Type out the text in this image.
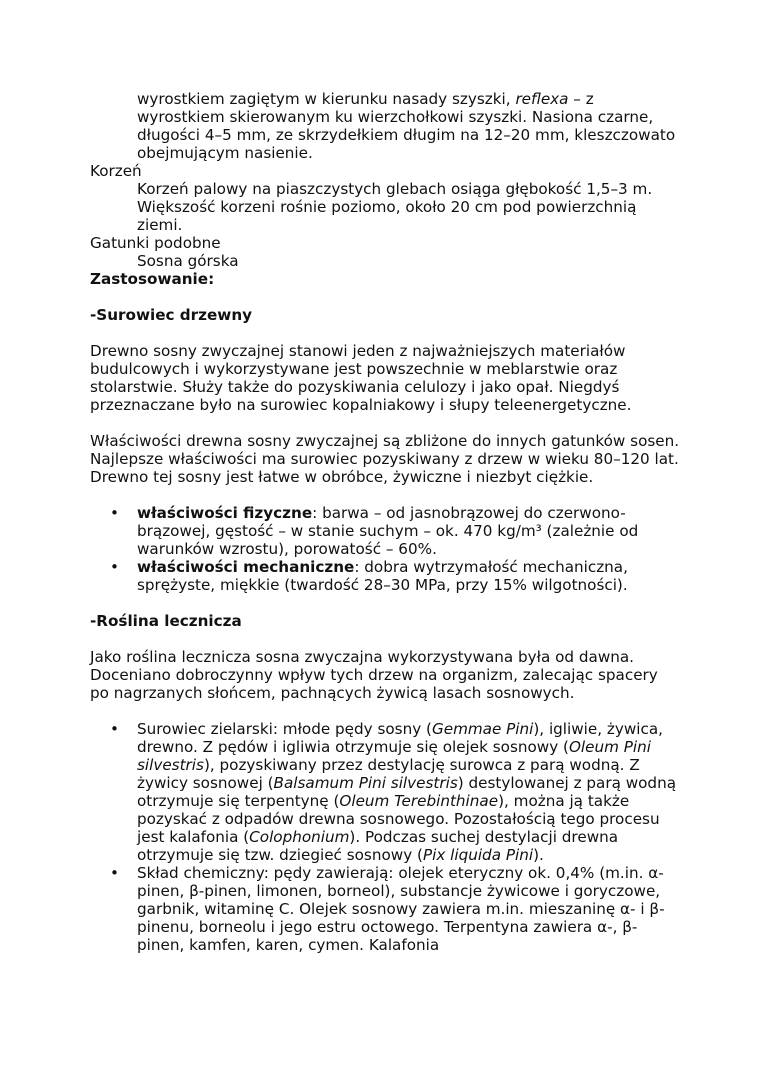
wyrostkiem zagiętym w kierunku nasady szyszki, reflexa – z wyrostkiem skierowanym ku wierzchołkowi szyszki. Nasiona czarne, długości 4–5 mm, ze skrzydełkiem długim na 12–20 mm, kleszczowato obejmującym nasienie.

Korzeń

Korzeń palowy na piaszczystych glebach osiąga głębokość 1,5–3 m. Większość korzeni rośnie poziomo, około 20 cm pod powierzchnią ziemi.

Gatunki podobne

Sosna górska

Zastosowanie:

-Surowiec drzewny

Drewno sosny zwyczajnej stanowi jeden z najważniejszych materiałów budulcowych i wykorzystywane jest powszechnie w meblarstwie oraz stolarstwie. Służy także do pozyskiwania celulozy i jako opał. Niegdyś przeznaczane było na surowiec kopalniakowy i słupy teleenergetyczne.

Właściwości drewna sosny zwyczajnej są zbliżone do innych gatunków sosen. Najlepsze właściwości ma surowiec pozyskiwany z drzew w wieku 80–120 lat. Drewno tej sosny jest łatwe w obróbce, żywiczne i niezbyt ciężkie.

• właściwości fizyczne: barwa – od jasnobrązowej do czerwono-brązowej, gęstość – w stanie suchym – ok. 470 kg/m³ (zależnie od warunków wzrostu), porowatość – 60%.
• właściwości mechaniczne: dobra wytrzymałość mechaniczna, sprężyste, miękkie (twardość 28–30 MPa, przy 15% wilgotności).

-Roślina lecznicza

Jako roślina lecznicza sosna zwyczajna wykorzystywana była od dawna. Doceniano dobroczynny wpływ tych drzew na organizm, zalecając spacery po nagrzanych słońcem, pachnących żywicą lasach sosnowych.

• Surowiec zielarski: młode pędy sosny (Gemmae Pini), igliwie, żywica, drewno. Z pędów i igliwia otrzymuje się olejek sosnowy (Oleum Pini silvestris), pozyskiwany przez destylację surowca z parą wodną. Z żywicy sosnowej (Balsamum Pini silvestris) destylowanej z parą wodną otrzymuje się terpentynę (Oleum Terebinthinae), można ją także pozyskać z odpadów drewna sosnowego. Pozostałością tego procesu jest kalafonia (Colophonium). Podczas suchej destylacji drewna otrzymuje się tzw. dziegieć sosnowy (Pix liquida Pini).
• Skład chemiczny: pędy zawierają: olejek eteryczny ok. 0,4% (m.in. α-pinen, β-pinen, limonen, borneol), substancje żywicowe i goryczowe, garbnik, witaminę C. Olejek sosnowy zawiera m.in. mieszaninę α- i β-pinenu, borneolu i jego estru octowego. Terpentyna zawiera α-, β-pinen, kamfen, karen, cymen. Kalafonia
